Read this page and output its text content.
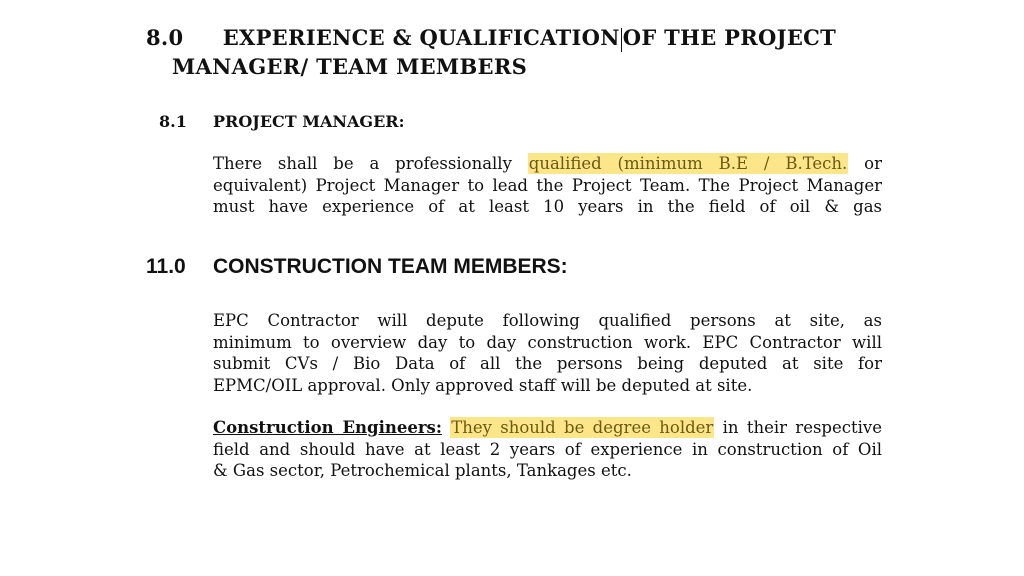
8.0 EXPERIENCE & QUALIFICATION OF THE PROJECT
MANAGER/ TEAM MEMBERS
8.1 PROJECT MANAGER:
There shall be a professionally qualified (minimum B.E / B.Tech. or
equivalent) Project Manager to lead the Project Team. The Project Manager
must have experience of at least 10 years in the field of oil & gas
11.0 CONSTRUCTION TEAM MEMBERS:
EPC Contractor will depute following qualified persons at site, as
minimum to overview day to day construction work. EPC Contractor will
submit CVs / Bio Data of all the persons being deputed at site for
EPMC/OIL approval. Only approved staff will be deputed at site.
Construction Engineers: They should be degree holder in their respective
field and should have at least 2 years of experience in construction of Oil
& Gas sector, Petrochemical plants, Tankages etc.
